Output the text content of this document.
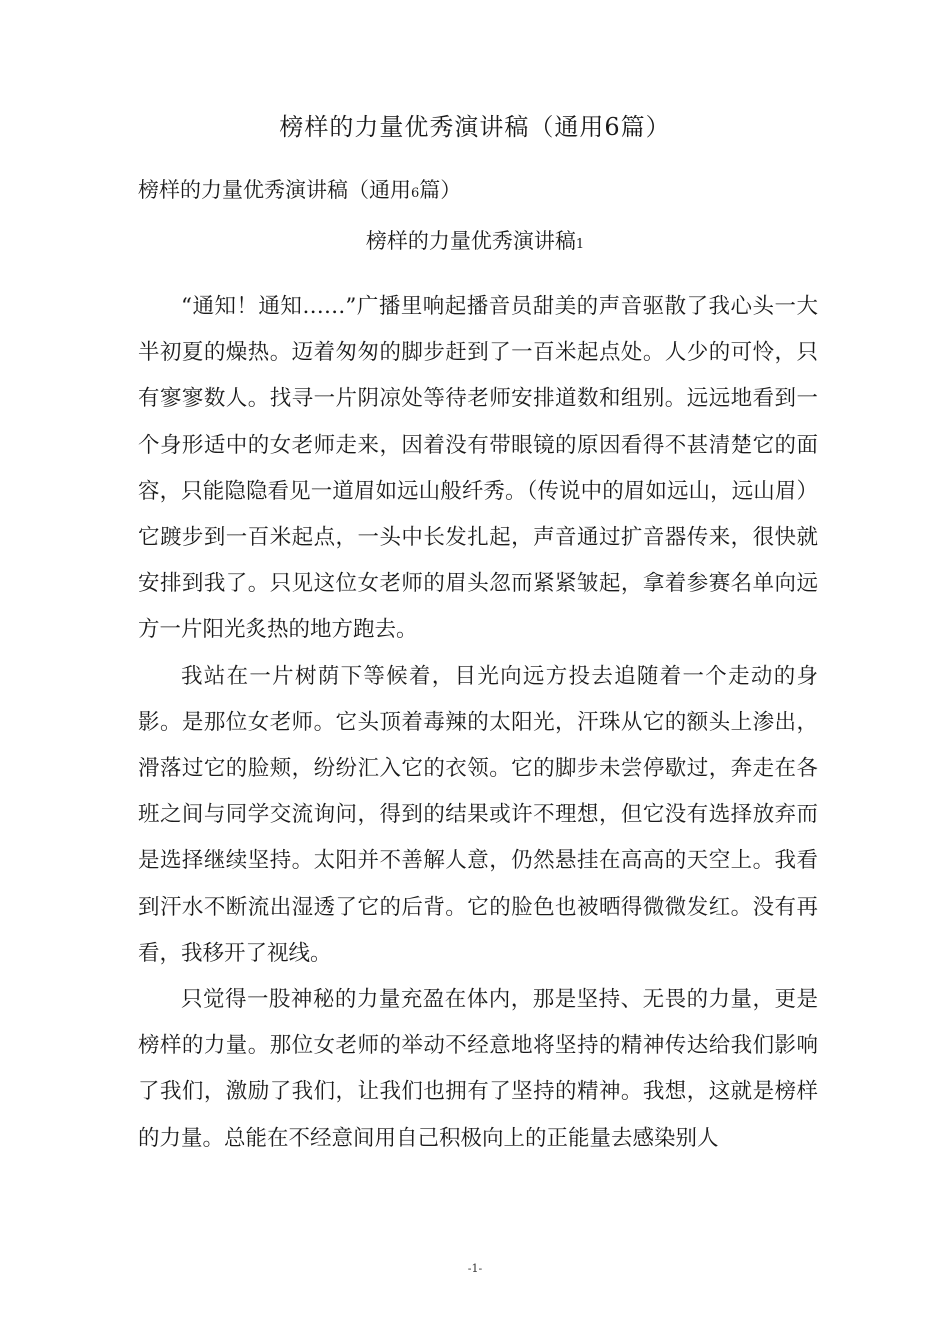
榜样的力量优秀演讲稿（通用6篇）
榜样的力量优秀演讲稿（通用6篇）
榜样的力量优秀演讲稿1

“通知！通知……”广播里响起播音员甜美的声音驱散了我心头一大半初夏的燥热。迈着匆匆的脚步赶到了一百米起点处。人少的可怜，只有寥寥数人。找寻一片阴凉处等待老师安排道数和组别。远远地看到一个身形适中的女老师走来，因着没有带眼镜的原因看得不甚清楚它的面容，只能隐隐看见一道眉如远山般纤秀。（传说中的眉如远山，远山眉）它踱步到一百米起点，一头中长发扎起，声音通过扩音器传来，很快就安排到我了。只见这位女老师的眉头忽而紧紧皱起，拿着参赛名单向远方一片阳光炙热的地方跑去。

我站在一片树荫下等候着，目光向远方投去追随着一个走动的身影。是那位女老师。它头顶着毒辣的太阳光，汗珠从它的额头上渗出，滑落过它的脸颊，纷纷汇入它的衣领。它的脚步未尝停歇过，奔走在各班之间与同学交流询问，得到的结果或许不理想，但它没有选择放弃而是选择继续坚持。太阳并不善解人意，仍然悬挂在高高的天空上。我看到汗水不断流出湿透了它的后背。它的脸色也被晒得微微发红。没有再看，我移开了视线。

只觉得一股神秘的力量充盈在体内，那是坚持、无畏的力量，更是榜样的力量。那位女老师的举动不经意地将坚持的精神传达给我们影响了我们，激励了我们，让我们也拥有了坚持的精神。我想，这就是榜样的力量。总能在不经意间用自己积极向上的正能量去感染别人

-1-
